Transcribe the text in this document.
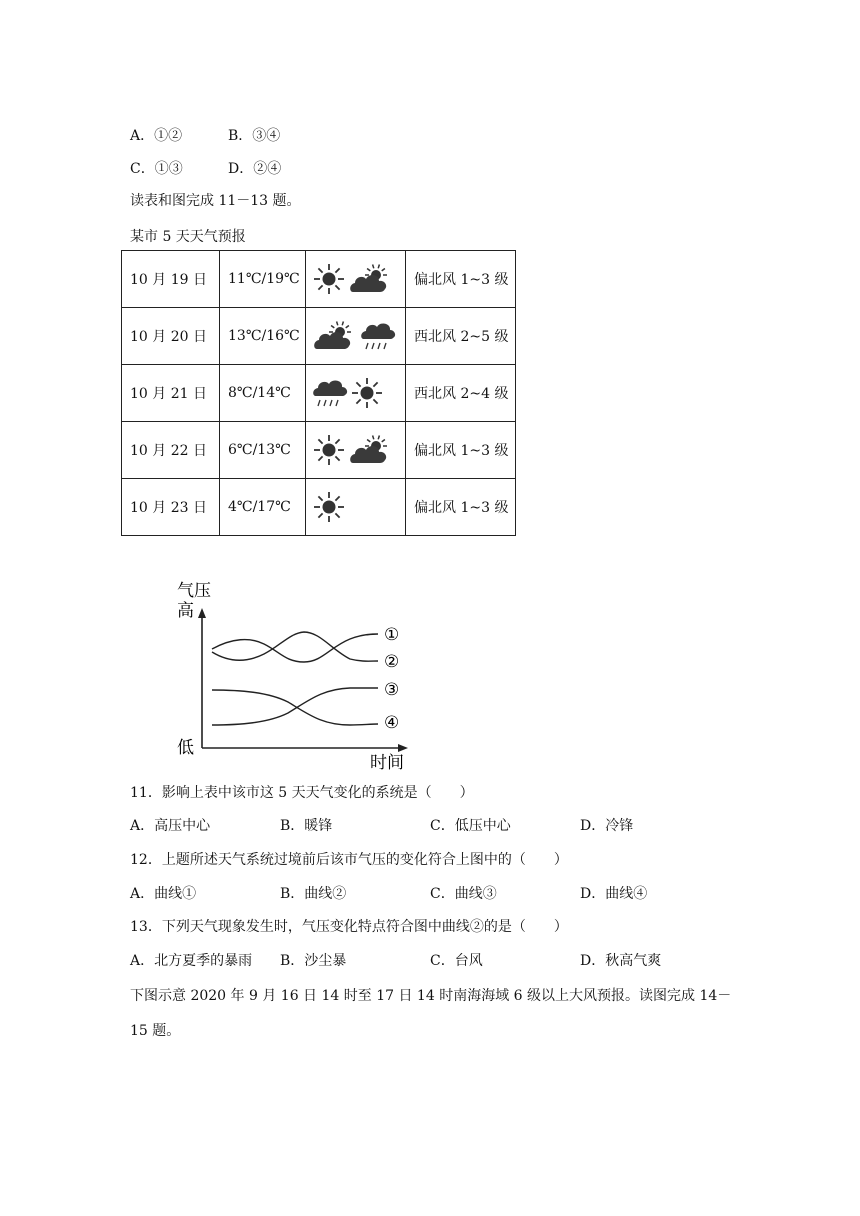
A．①②	B．③④
C．①③	D．②④
读表和图完成 11－13 题。
某市 5 天天气预报
10 月 19 日	11℃/19℃		偏北风 1~3 级
10 月 20 日	13℃/16℃		西北风 2~5 级
10 月 21 日	8℃/14℃		西北风 2~4 级
10 月 22 日	6℃/13℃		偏北风 1~3 级
10 月 23 日	4℃/17℃		偏北风 1~3 级
气压
高
低
时间
①
②
③
④
11．影响上表中该市这 5 天天气变化的系统是（　　）
A．高压中心	B．暖锋	C．低压中心	D．冷锋
12．上题所述天气系统过境前后该市气压的变化符合上图中的（　　）
A．曲线①	B．曲线②	C．曲线③	D．曲线④
13．下列天气现象发生时，气压变化特点符合图中曲线②的是（　　）
A．北方夏季的暴雨 B．沙尘暴	C．台风	D．秋高气爽
下图示意 2020 年 9 月 16 日 14 时至 17 日 14 时南海海域 6 级以上大风预报。读图完成 14－
15 题。
